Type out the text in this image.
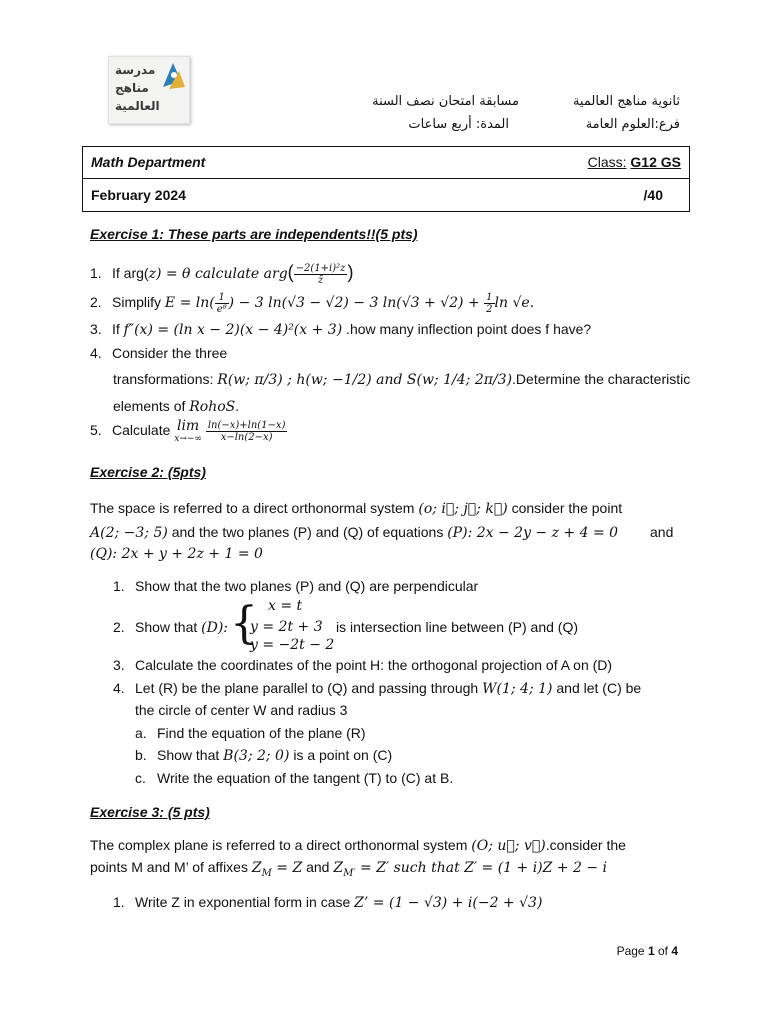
مدرسة
مناهج
العالمية	ثانوية مناهج العالمية
فرع:العلوم العامة
مسابقة امتحان نصف السنة
المدة: أربع ساعات
Math Department	Class: G12 GS
February 2024	/40
Exercise 1: These parts are independents!!(5 pts)
1. If arg(z) = θ calculate $arg( \frac{\text{−2(1+i)²z}}{z̄}$ )
2. Simplify $E = \ln( \frac{1}{\text{e⁸}}$ ) − 3 ln(√3 − √2) − 3 $\ln(√3 + √2) + \frac{1}{2}$ ln √e.
3. If f″(x) = (ln x − 2)(x − 4)²(x + 3) .how many inflection point does f have?
4. Consider the three
transformations: R(w; π/3) ; h(w; −1/2) and S(w; 1/4; 2π/3).Determine the characteristic
elements of RohoS.
5. Calculate lim
x→−∞
$\frac{\ln(-x)+\ln(1-x)}{x-\ln(2-x)}$
Exercise 2: (5pts)
The space is referred to a direct orthonormal system (o; i⃗; j⃗; k⃗) consider the point
A(2; −3; 5) and the two planes (P) and (Q) of equations (P): 2x − 2y − z + 4 = 0 and
(Q): 2x + y + 2z + 1 = 0
1. Show that the two planes (P) and (Q) are perpendicular
2. Show that (D): { x = t
y = 2t + 3
y = −2t − 2
is intersection line between (P) and (Q)
3. Calculate the coordinates of the point H: the orthogonal projection of A on (D)
4. Let (R) be the plane parallel to (Q) and passing through W(1; 4; 1) and let (C) be
the circle of center W and radius 3
a. Find the equation of the plane (R)
b. Show that B(3; 2; 0) is a point on (C)
c. Write the equation of the tangent (T) to (C) at B.
Exercise 3: (5 pts)
The complex plane is referred to a direct orthonormal system (O; u⃗; v⃗).consider the
points M and M’ of affixes $Z_M = Z$ and $Z_{M'} = Z'$ such that Z′ = (1 + i)Z + 2 − i
1. Write Z in exponential form in case Z’ = (1 − √3) + i(−2 + √3)
Page 1 of 4
